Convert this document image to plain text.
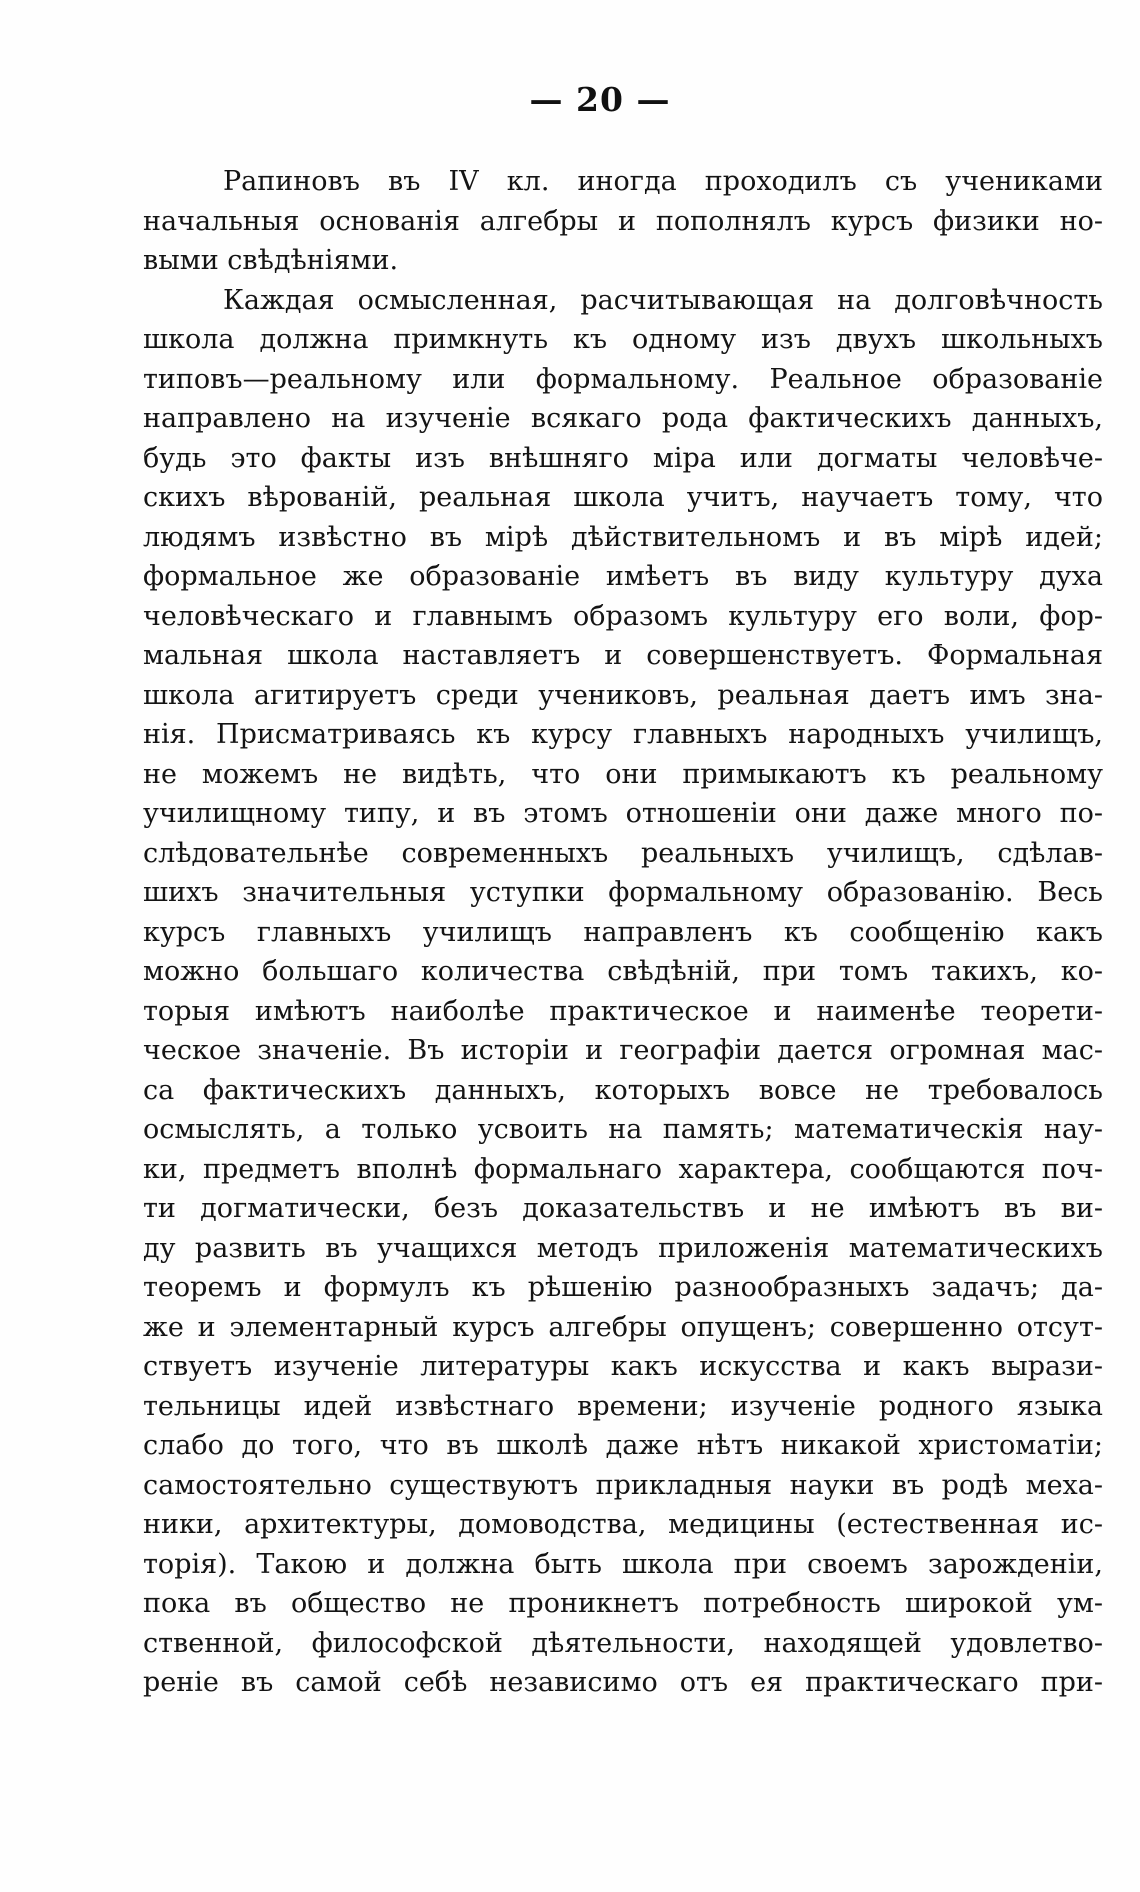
— 20 —
Рапиновъ въ IV кл. иногда проходилъ съ учениками
начальныя основанія алгебры и пополнялъ курсъ физики но-
выми свѣдѣніями.
Каждая осмысленная, расчитывающая на долговѣчность
школа должна примкнуть къ одному изъ двухъ школьныхъ
типовъ—реальному или формальному. Реальное образованіе
направлено на изученіе всякаго рода фактическихъ данныхъ,
будь это факты изъ внѣшняго міра или догматы человѣче-
скихъ вѣрованій, реальная школа учитъ, научаетъ тому, что
людямъ извѣстно въ мірѣ дѣйствительномъ и въ мірѣ идей;
формальное же образованіе имѣетъ въ виду культуру духа
человѣческаго и главнымъ образомъ культуру его воли, фор-
мальная школа наставляетъ и совершенствуетъ. Формальная
школа агитируетъ среди учениковъ, реальная даетъ имъ зна-
нія. Присматриваясь къ курсу главныхъ народныхъ училищъ,
не можемъ не видѣть, что они примыкаютъ къ реальному
училищному типу, и въ этомъ отношеніи они даже много по-
слѣдовательнѣе современныхъ реальныхъ училищъ, сдѣлав-
шихъ значительныя уступки формальному образованію. Весь
курсъ главныхъ училищъ направленъ къ сообщенію какъ
можно большаго количества свѣдѣній, при томъ такихъ, ко-
торыя имѣютъ наиболѣе практическое и наименѣе теорети-
ческое значеніе. Въ исторіи и географіи дается огромная мас-
са фактическихъ данныхъ, которыхъ вовсе не требовалось
осмыслять, а только усвоить на память; математическія нау-
ки, предметъ вполнѣ формальнаго характера, сообщаются поч-
ти догматически, безъ доказательствъ и не имѣютъ въ ви-
ду развить въ учащихся методъ приложенія математическихъ
теоремъ и формулъ къ рѣшенію разнообразныхъ задачъ; да-
же и элементарный курсъ алгебры опущенъ; совершенно отсут-
ствуетъ изученіе литературы какъ искусства и какъ вырази-
тельницы идей извѣстнаго времени; изученіе родного языка
слабо до того, что въ школѣ даже нѣтъ никакой христоматіи;
самостоятельно существуютъ прикладныя науки въ родѣ меха-
ники, архитектуры, домоводства, медицины (естественная ис-
торія). Такою и должна быть школа при своемъ зарожденіи,
пока въ общество не проникнетъ потребность широкой ум-
ственной, философской дѣятельности, находящей удовлетво-
реніе въ самой себѣ независимо отъ ея практическаго при-
